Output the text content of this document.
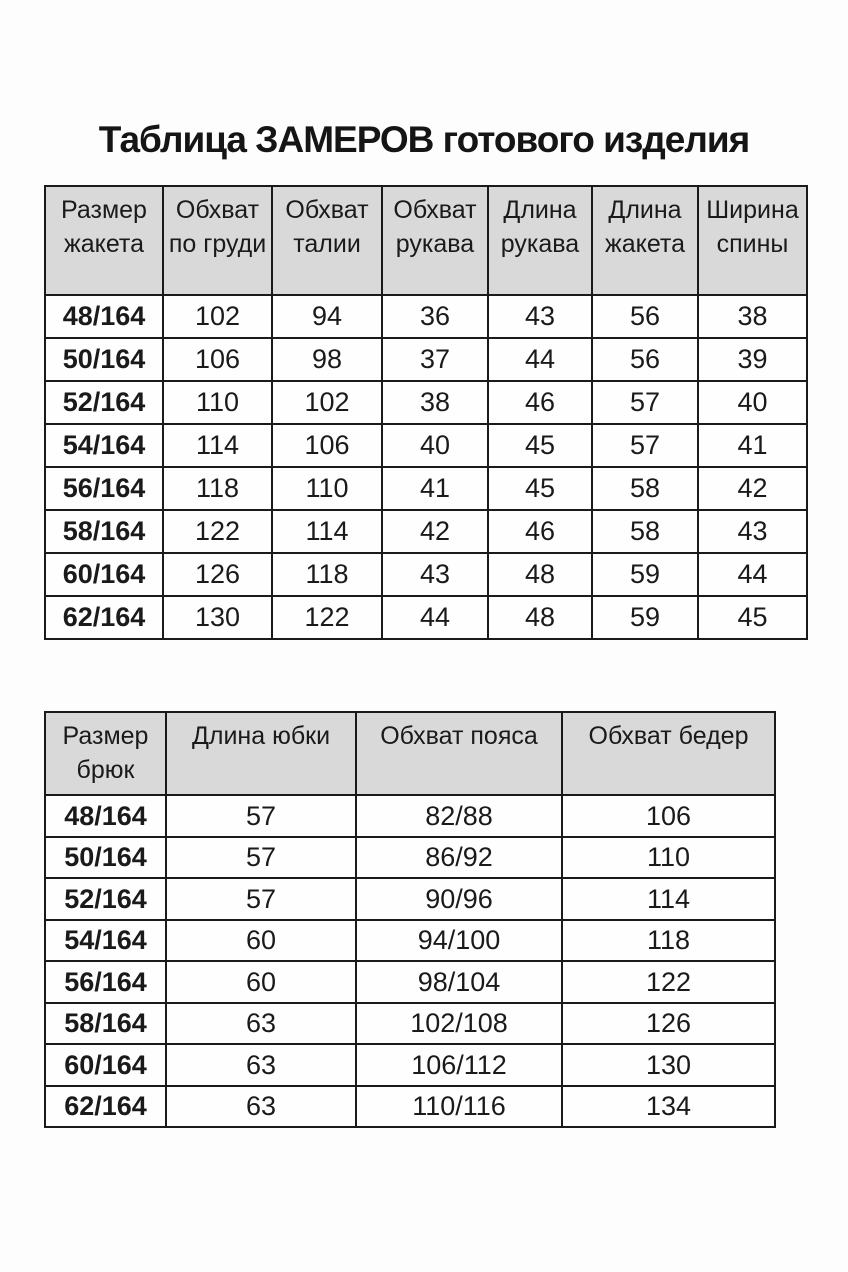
Таблица ЗАМЕРОВ готового изделия
Размер жакета	Обхват по груди	Обхват талии	Обхват рукава	Длина рукава	Длина жакета	Ширина спины
48/164	102	94	36	43	56	38
50/164	106	98	37	44	56	39
52/164	110	102	38	46	57	40
54/164	114	106	40	45	57	41
56/164	118	110	41	45	58	42
58/164	122	114	42	46	58	43
60/164	126	118	43	48	59	44
62/164	130	122	44	48	59	45
Размер брюк	Длина юбки	Обхват пояса	Обхват бедер
48/164	57	82/88	106
50/164	57	86/92	110
52/164	57	90/96	114
54/164	60	94/100	118
56/164	60	98/104	122
58/164	63	102/108	126
60/164	63	106/112	130
62/164	63	110/116	134
